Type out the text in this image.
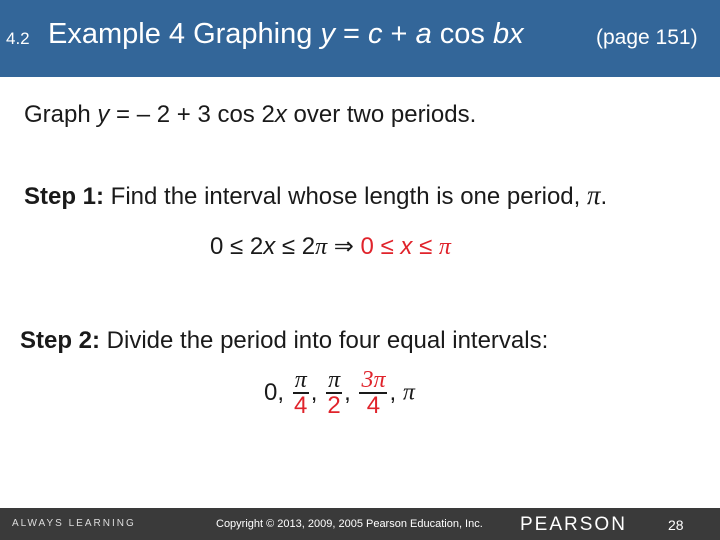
4.2 Example 4 Graphing y = c + a cos bx	(page 151)
Graph y = – 2 + 3 cos 2x over two periods.
Step 1: Find the interval whose length is one period, π.
0 ≤ 2x ≤ 2π ⇒ 0 ≤ x ≤ π
Step 2: Divide the period into four equal intervals:
0, $\frac{\pi}{4}$ , $\frac{\pi}{2}$ , $\frac{3\pi}{4}$ , π
ALWAYS LEARNING	Copyright © 2013, 2009, 2005 Pearson Education, Inc. PEARSON	28
